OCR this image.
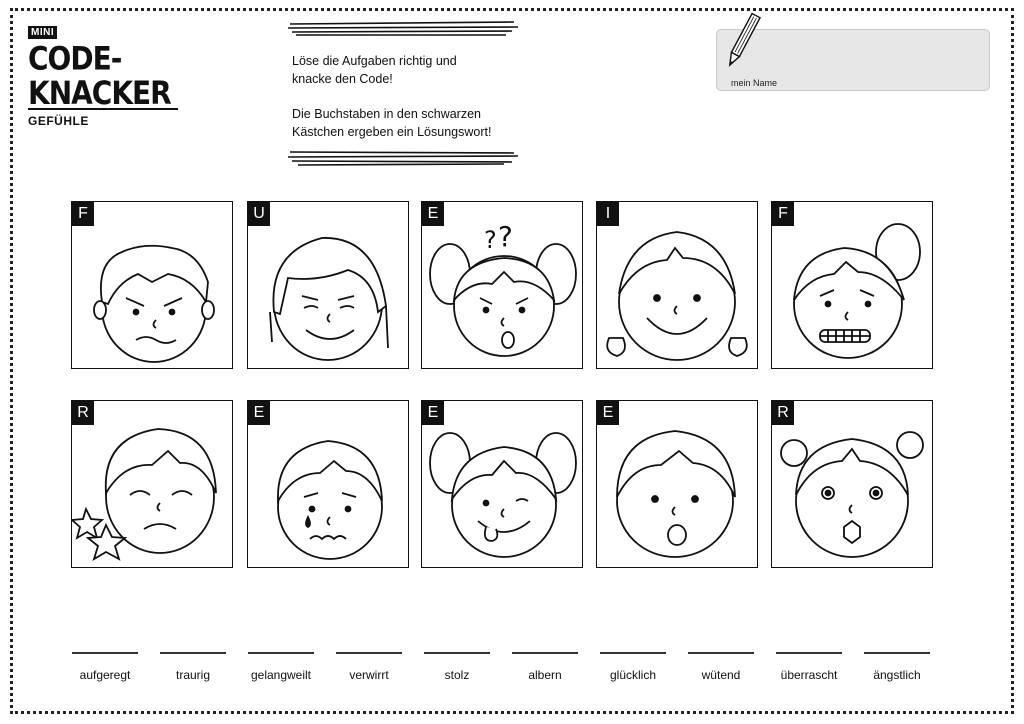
MINI
CODE-KNACKER
GEFÜHLE

Löse die Aufgaben richtig und
knacke den Code!

Die Buchstaben in den schwarzen
Kästchen ergeben ein Lösungswort!

mein Name
F	U	E
? ?
I	F
R	E	E	E	R
aufgeregt	traurig	gelangweilt	verwirrt	stolz	albern	glücklich	wütend	überrascht	ängstlich
